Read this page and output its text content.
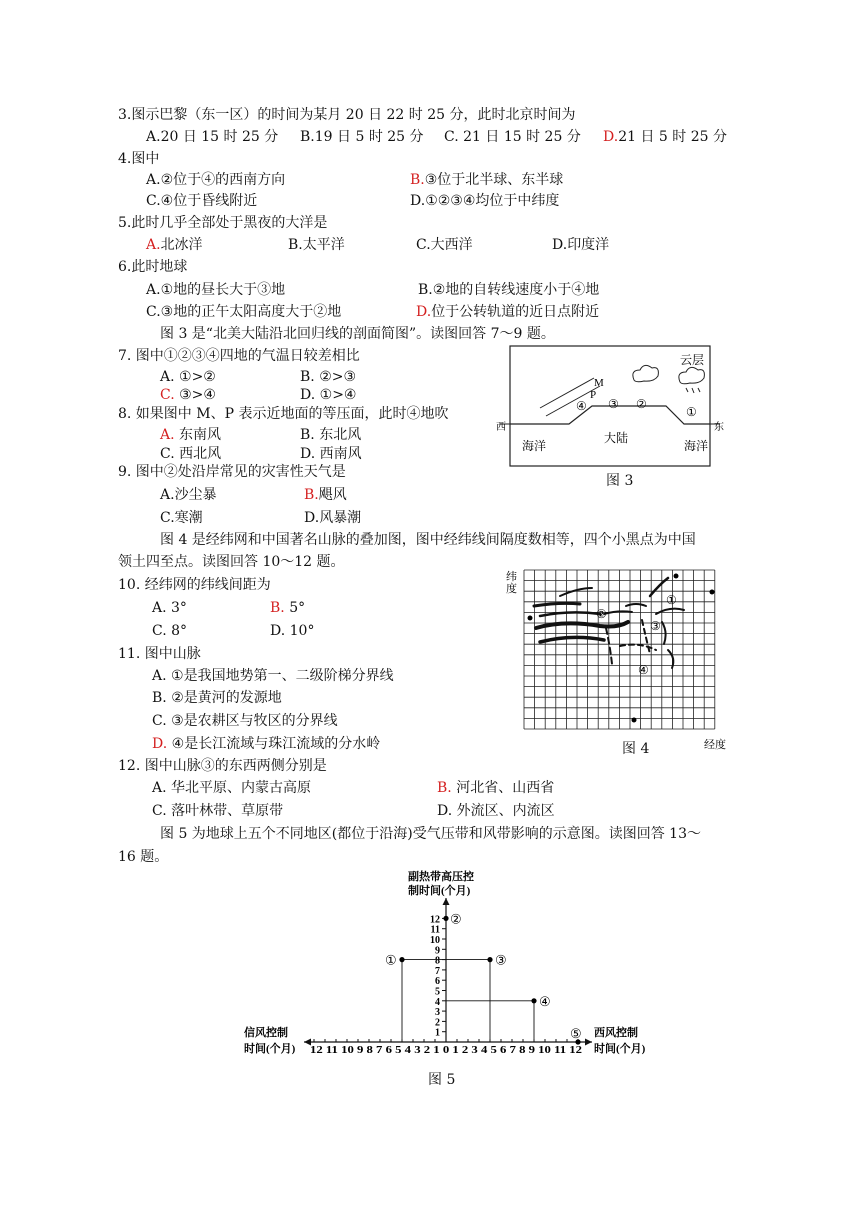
3.图示巴黎（东一区）的时间为某月 20 日 22 时 25 分，此时北京时间为
A.20 日 15 时 25 分 B.19 日 5 时 25 分 C. 21 日 15 时 25 分 D.21 日 5 时 25 分
4.图中
A.②位于④的西南方向	B.③位于北半球、东半球
C.④位于昏线附近	D.①②③④均位于中纬度
5.此时几乎全部处于黑夜的大洋是
A.北冰洋	B.太平洋	C.大西洋	D.印度洋
6.此时地球
A.①地的昼长大于③地	B.②地的自转线速度小于④地
C.③地的正午太阳高度大于②地	D.位于公转轨道的近日点附近
图 3 是“北美大陆沿北回归线的剖面简图”。读图回答 7～9 题。
7. 图中①②③④四地的气温日较差相比
A. ①>②	B. ②>③
C. ③>④	D. ①>④
8. 如果图中 M、P 表示近地面的等压面，此时④地吹
A. 东南风	B. 东北风
C. 西北风	D. 西南风
9. 图中②处沿岸常见的灾害性天气是
A.沙尘暴	B.飓风
C.寒潮	D.风暴潮
云层
M
P
④ ③ ②
①
西	东
海洋
大陆
海洋
图 3
图 4 是经纬网和中国著名山脉的叠加图，图中经纬线间隔度数相等，四个小黑点为中国
领土四至点。读图回答 10～12 题。
10. 经纬网的纬线间距为
A. 3°	B. 5°
C. 8°	D. 10°
11. 图中山脉
A. ①是我国地势第一、二级阶梯分界线
B. ②是黄河的发源地
C. ③是农耕区与牧区的分界线
D. ④是长江流域与珠江流域的分水岭
纬
度
①
②
③
④
经度
图 4
12. 图中山脉③的东西两侧分别是
A. 华北平原、内蒙古高原	B. 河北省、山西省
C. 落叶林带、草原带	D. 外流区、内流区
图 5 为地球上五个不同地区(都位于沿海)受气压带和风带影响的示意图。读图回答 13～
16 题。
副热带高压控
制时间(个月)
信风控制
时间(个月)
西风控制
时间(个月)
1
2
3
4
5
6
7
8
9
10
11
12
①
②
③
④
⑤
12 11 10 9 8 7 6 5 4 3 2 1 0 1 2 3 4 5 6 7 8 9 10 11 12
图 5
